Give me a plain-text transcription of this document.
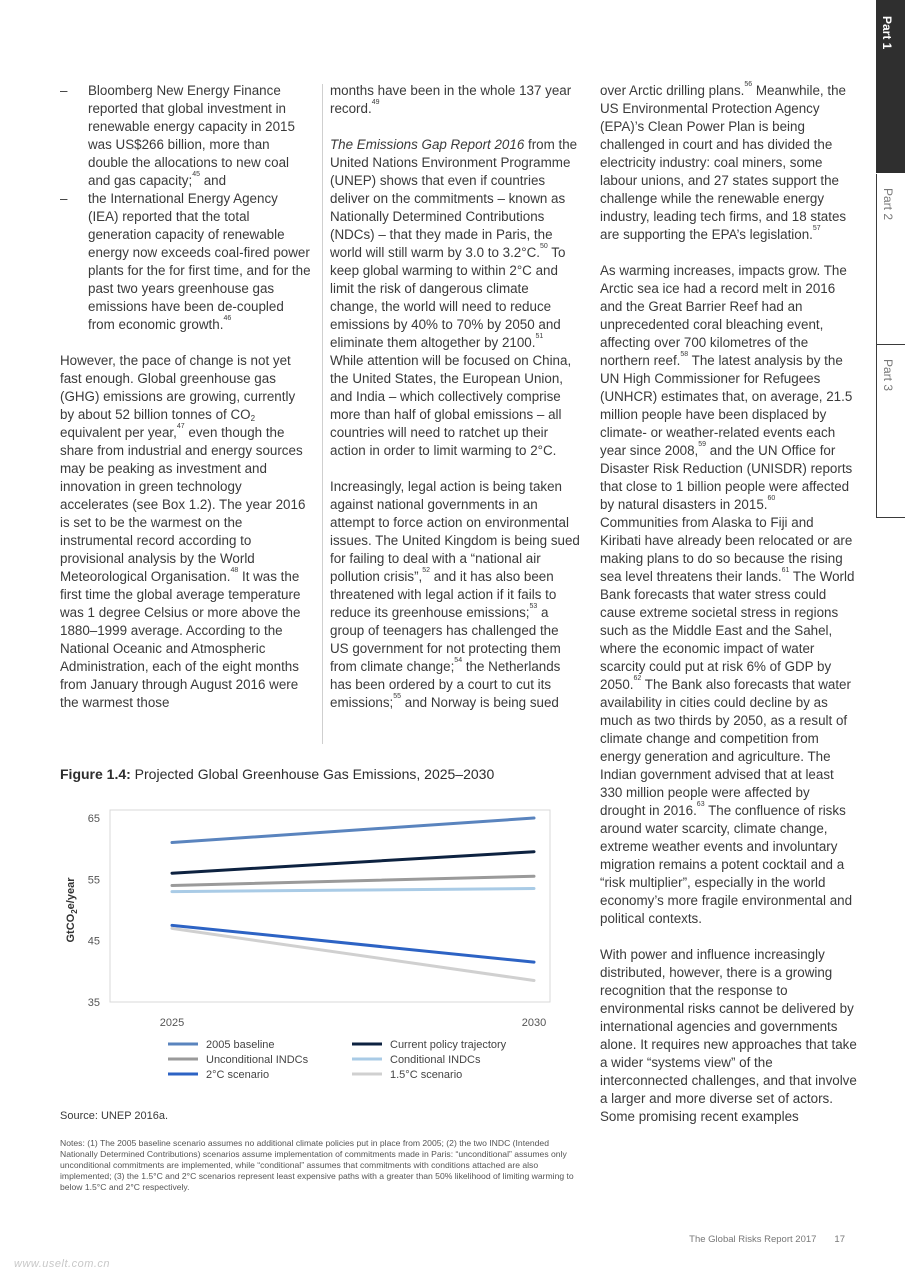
Part 1
Part 2
Part 3
– Bloomberg New Energy Finance reported that global investment in renewable energy capacity in 2015 was US$266 billion, more than double the allocations to new coal and gas capacity;$^{45}$ and
– the International Energy Agency (IEA) reported that the total generation capacity of renewable energy now exceeds coal-fired power plants for the for first time, and for the past two years greenhouse gas emissions have been de-coupled from economic growth.$^{46}$

However, the pace of change is not yet fast enough. Global greenhouse gas (GHG) emissions are growing, currently by about 52 billion tonnes of CO2 equivalent per year,$^{47}$ even though the share from industrial and energy sources may be peaking as investment and innovation in green technology accelerates (see Box 1.2). The year 2016 is set to be the warmest on the instrumental record according to provisional analysis by the World Meteorological Organisation.$^{48}$ It was the first time the global average temperature was 1 degree Celsius or more above the 1880–1999 average. According to the National Oceanic and Atmospheric Administration, each of the eight months from January through August 2016 were the warmest those

months have been in the whole 137 year record.$^{49}$

The Emissions Gap Report 2016 from the United Nations Environment Programme (UNEP) shows that even if countries deliver on the commitments – known as Nationally Determined Contributions (NDCs) – that they made in Paris, the world will still warm by 3.0 to 3.2°C.$^{50}$ To keep global warming to within 2°C and limit the risk of dangerous climate change, the world will need to reduce emissions by 40% to 70% by 2050 and eliminate them altogether by 2100.51 While attention will be focused on China, the United States, the European Union, and India – which collectively comprise more than half of global emissions – all countries will need to ratchet up their action in order to limit warming to 2°C.

Increasingly, legal action is being taken against national governments in an attempt to force action on environmental issues. The United Kingdom is being sued for failing to deal with a “national air pollution crisis”,$^{52}$ and it has also been threatened with legal action if it fails to reduce its greenhouse emissions;$^{53}$ a group of teenagers has challenged the US government for not protecting them from climate change;$^{54}$ the Netherlands has been ordered by a court to cut its emissions;$^{55}$ and Norway is being sued

over Arctic drilling plans.$^{56}$ Meanwhile, the US Environmental Protection Agency (EPA)’s Clean Power Plan is being challenged in court and has divided the electricity industry: coal miners, some labour unions, and 27 states support the challenge while the renewable energy industry, leading tech firms, and 18 states are supporting the EPA’s legislation.$^{57}$

As warming increases, impacts grow. The Arctic sea ice had a record melt in 2016 and the Great Barrier Reef had an unprecedented coral bleaching event, affecting over 700 kilometres of the northern reef.$^{58}$ The latest analysis by the UN High Commissioner for Refugees (UNHCR) estimates that, on average, 21.5 million people have been displaced by climate- or weather-related events each year since 2008,59 and the UN Office for Disaster Risk Reduction (UNISDR) reports that close to 1 billion people were affected by natural disasters in 2015.60 Communities from Alaska to Fiji and Kiribati have already been relocated or are making plans to do so because the rising sea level threatens their lands.$^{61}$ The World Bank forecasts that water stress could cause extreme societal stress in regions such as the Middle East and the Sahel, where the economic impact of water scarcity could put at risk 6% of GDP by 2050.62 The Bank also forecasts that water availability in cities could decline by as much as two thirds by 2050, as a result of climate change and competition from energy generation and agriculture. The Indian government advised that at least 330 million people were affected by drought in 2016.63 The confluence of risks around water scarcity, climate change, extreme weather events and involuntary migration remains a potent cocktail and a “risk multiplier”, especially in the world economy’s more fragile environmental and political contexts.

With power and influence increasingly distributed, however, there is a growing recognition that the response to environmental risks cannot be delivered by international agencies and governments alone. It requires new approaches that take a wider “systems view” of the interconnected challenges, and that involve a larger and more diverse set of actors. Some promising recent examples

Figure 1.4: Projected Global Greenhouse Gas Emissions, 2025–2030
35
45
55
65
2025	2030
GtCO$_2$e/year
2005 baseline	Current policy trajectory
Unconditional INDCs	Conditional INDCs
2°C scenario	1.5°C scenario
Source: UNEP 2016a.
Notes: (1) The 2005 baseline scenario assumes no additional climate policies put in place from 2005; (2) the two INDC (Intended Nationally Determined Contributions) scenarios assume implementation of commitments made in Paris: “unconditional” assumes only unconditional commitments are implemented, while “conditional” assumes that commitments with conditions attached are also implemented; (3) the 1.5°C and 2°C scenarios represent least expensive paths with a greater than 50% likelihood of limiting warming to below 1.5°C and 2°C respectively.
The Global Risks Report 2017 17
www.uselt.com.cn
